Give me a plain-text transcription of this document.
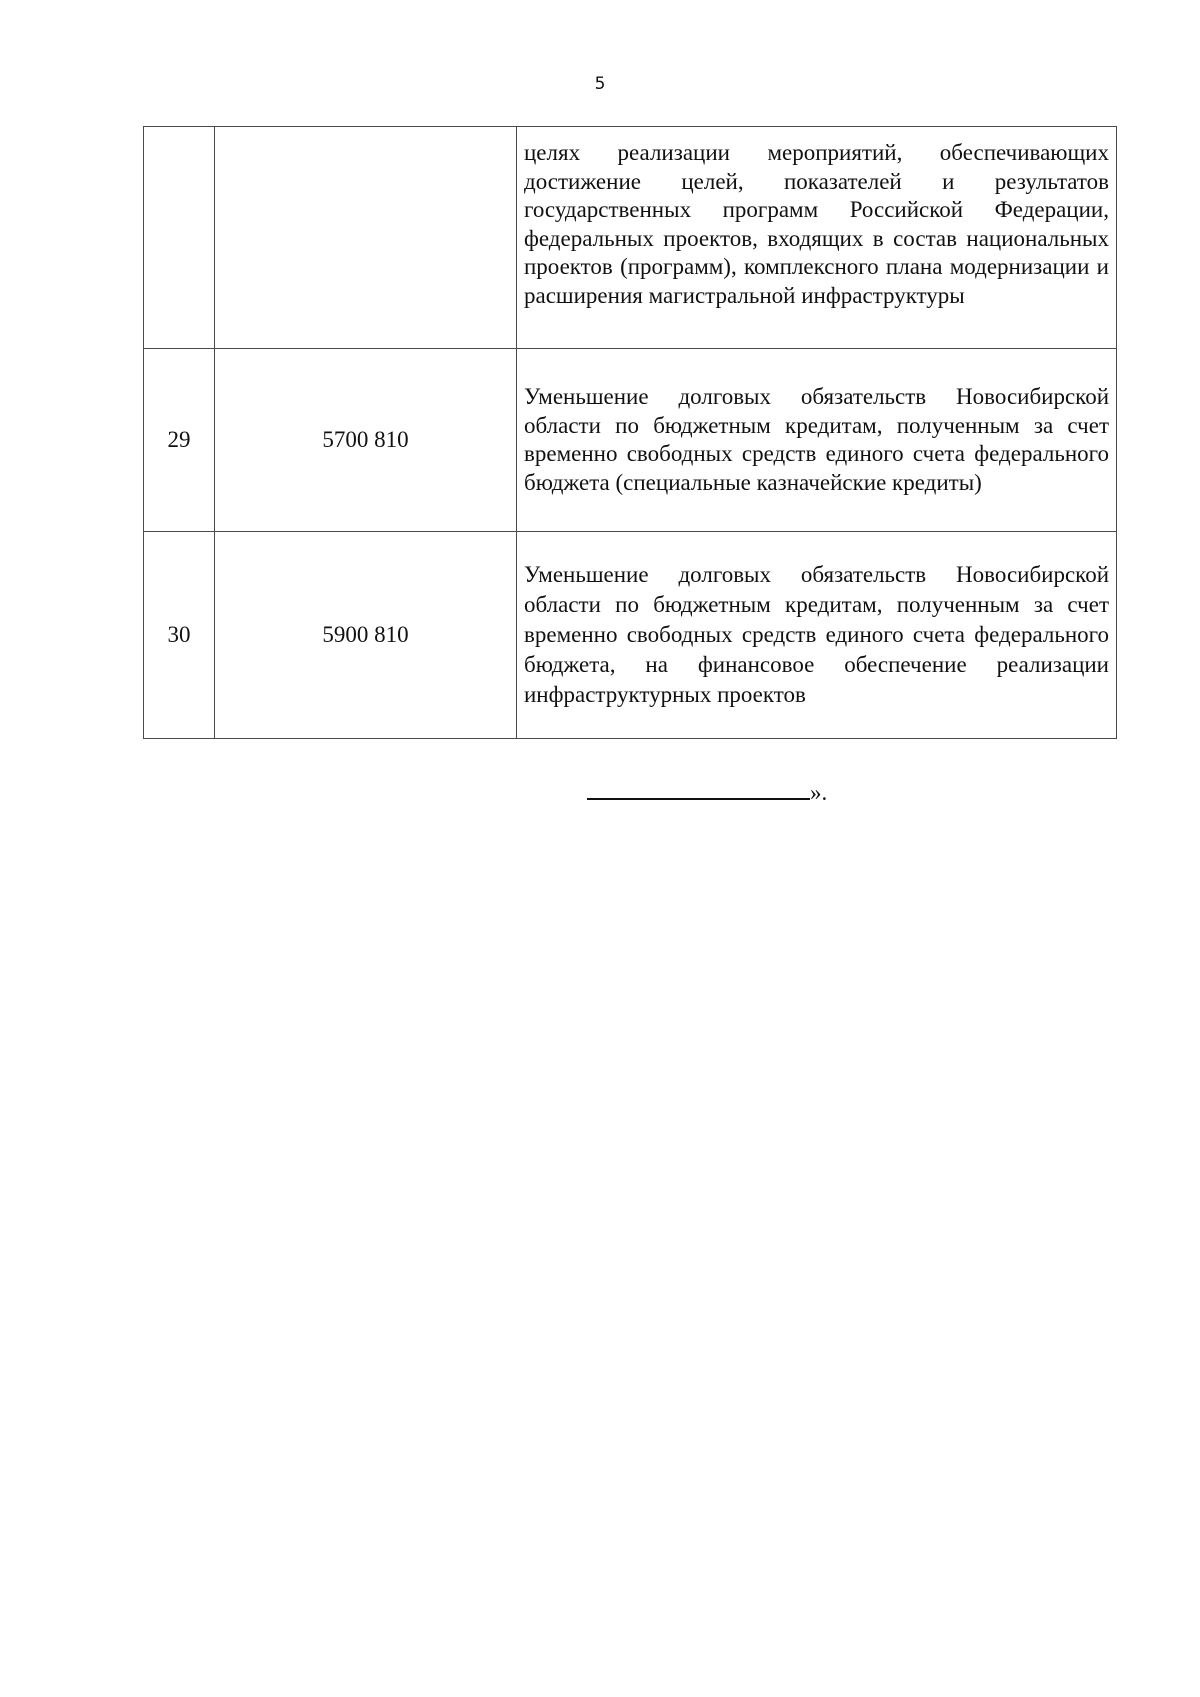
5
		целях реализации мероприятий, обеспечивающих достижение целей, показателей и результатов государственных программ Российской Федерации, федеральных проектов, входящих в состав национальных проектов (программ), комплексного плана модернизации и расширения магистральной инфраструктуры
29	5700 810	Уменьшение долговых обязательств Новосибирской области по бюджетным кредитам, полученным за счет временно свободных средств единого счета федерального бюджета (специальные казначейские кредиты)
30	5900 810	Уменьшение долговых обязательств Новосибирской области по бюджетным кредитам, полученным за счет временно свободных средств единого счета федерального бюджета, на финансовое обеспечение реализации инфраструктурных проектов
».
